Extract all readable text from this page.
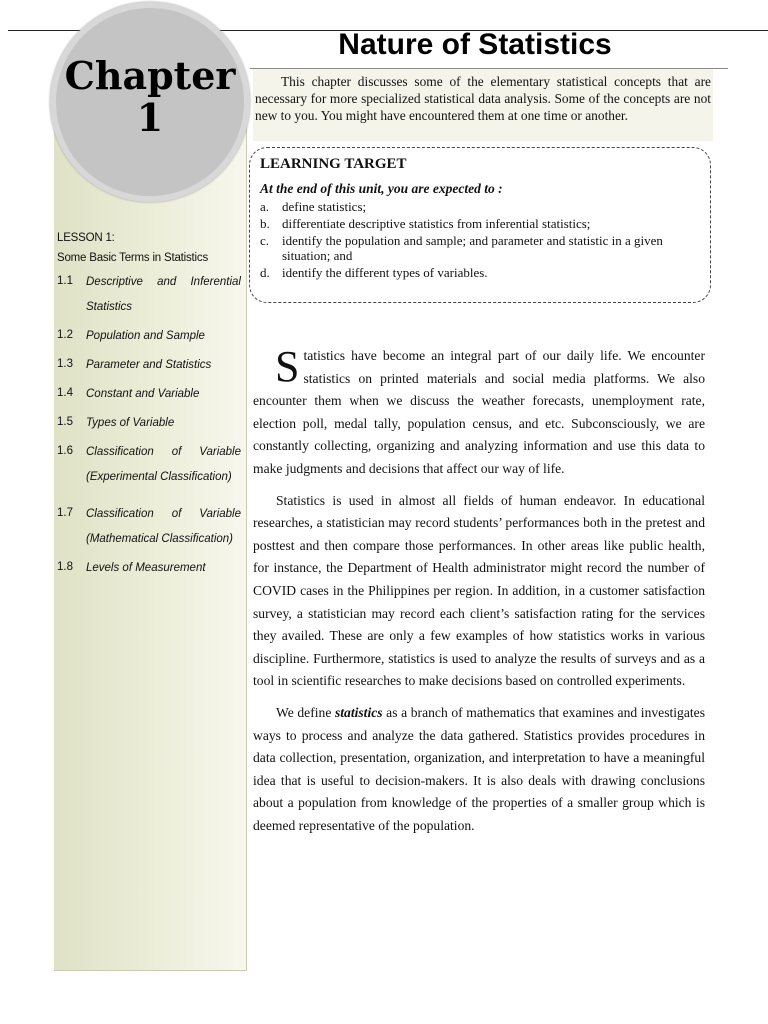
Chapter
1
Nature of Statistics

This chapter discusses some of the elementary statistical concepts that are necessary for more specialized statistical data analysis. Some of the concepts are not new to you. You might have encountered them at one time or another.

LEARNING TARGET
At the end of this unit, you are expected to :
a. define statistics;
b. differentiate descriptive statistics from inferential statistics;
c. identify the population and sample; and parameter and statistic in a given situation; and
d. identify the different types of variables.
LESSON 1:
Some Basic Terms in Statistics
1.1	Descriptive and Inferential Statistics
1.2	Population and Sample
1.3	Parameter and Statistics
1.4	Constant and Variable
1.5	Types of Variable
1.6	Classification of Variable (Experimental Classification)
1.7	Classification of Variable (Mathematical Classification)
1.8	Levels of Measurement

Statistics have become an integral part of our daily life. We encounter statistics on printed materials and social media platforms. We also encounter them when we discuss the weather forecasts, unemployment rate, election poll, medal tally, population census, and etc. Subconsciously, we are constantly collecting, organizing and analyzing information and use this data to make judgments and decisions that affect our way of life.

Statistics is used in almost all fields of human endeavor. In educational researches, a statistician may record students’ performances both in the pretest and posttest and then compare those performances. In other areas like public health, for instance, the Department of Health administrator might record the number of COVID cases in the Philippines per region. In addition, in a customer satisfaction survey, a statistician may record each client’s satisfaction rating for the services they availed. These are only a few examples of how statistics works in various discipline. Furthermore, statistics is used to analyze the results of surveys and as a tool in scientific researches to make decisions based on controlled experiments.

We define statistics as a branch of mathematics that examines and investigates ways to process and analyze the data gathered. Statistics provides procedures in data collection, presentation, organization, and interpretation to have a meaningful idea that is useful to decision-makers. It is also deals with drawing conclusions about a population from knowledge of the properties of a smaller group which is deemed representative of the population.
